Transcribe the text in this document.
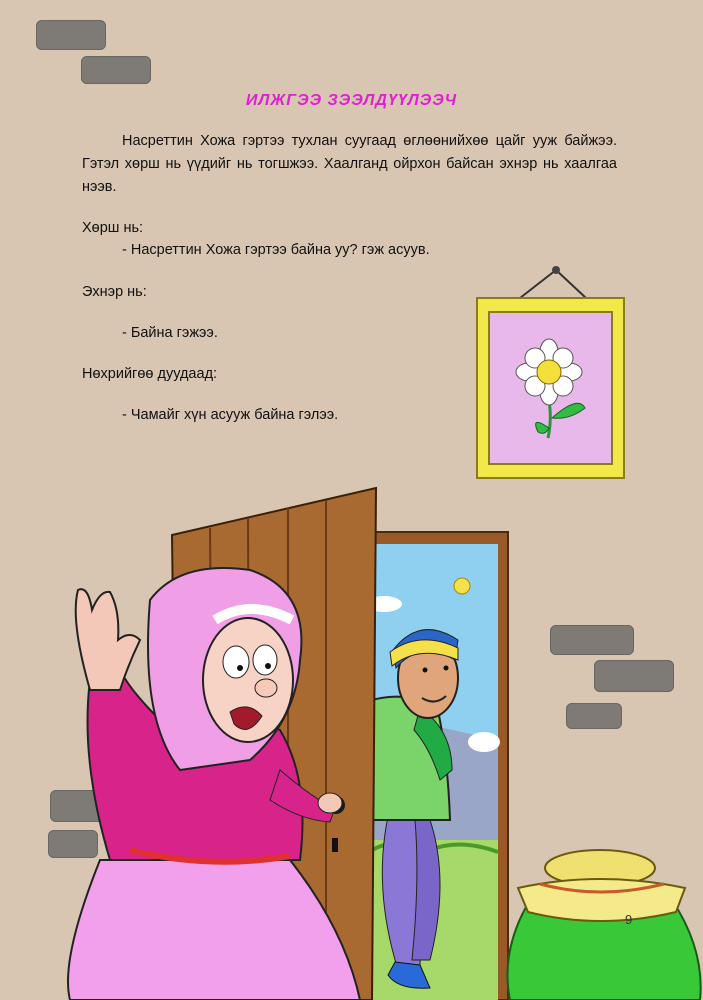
ИЛЖГЭЭ ЗЭЭЛДҮҮЛЭЭЧ
Насреттин Хожа гэртээ тухлан суугаад өглөөнийхөө цайг ууж байжээ. Гэтэл хөрш нь үүдийг нь тогшжээ. Хаалганд ойрхон байсан эхнэр нь хаалгаа нээв.
Хөрш нь:
- Насреттин Хожа гэртээ байна уу? гэж асуув.
Эхнэр нь:
- Байна гэжээ.
Нөхрийгөө дуудаад:
- Чамайг хүн асууж байна гэлээ.
9
